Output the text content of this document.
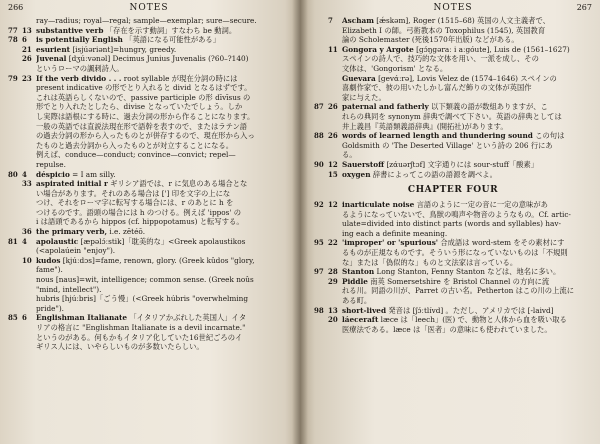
266	NOTES
ray—radius; royal—regal; sample—exemplar; sure—secure.
77 13 substantive verb 「存在を示す動詞」すなわち be 動詞。
78 6	is potentially English 「英語になる可能性がある」
21 esurient [isjúəriənt]=hungry, greedy.
26 Juvenal [dʒúːvənəl] Decimus Junius Juvenalis (?60–?140)
というローマの諷刺詩人。
79 23 If the verb divido . . . root syllable が現在分詞の時には
present indicative の形でとり入れると divid となるはずです。
これは英語らしくないので、passive participle の形 dīvīsus の
形でとり入れたとしたら、divise となっていたでしょう。しか
し実際は語根にする時に、過去分詞の形から作ることになります。
一般の英語では直説法現在形で語幹を表すので、またはラテン語
の過去分詞の形から入ったものとが併存するので、現在形から入っ
たものと過去分詞から入ったものとが対立することになる。
例えば、conduce—conduct; convince—convict; repel—
repulse.
80 4	déspicio = I am silly.
33 aspirated initial r ギリシア語では、r に気息のある場合とな
い場合があります。それのある場合は ['] 印を文字の上にな
つけ、それをローマ字に転写する場合には、r のあとに h を
つけるのです。語頭の場合には h のつける。例えば 'ippos' の
i は語頭であるから hippos (cf. hippopotamus) と転写する。
36 the primary verb, i.e. zētéō.
81 4	apolaustic [æpəlɔ́ːstik]「耽美的な」<Greek apolaustikos
(<apolaúein "enjoy").
10 kudos [kjúːdɔs]=fame, renown, glory. (Greek kûdos "glory,
fame").
nous [naus]=wit, intelligence; common sense. (Greek noûs
"mind, intellect").
hubris [hjúːbris]「ごう慢」(<Greek húbris "overwhelming
pride").
85 6	Englishman Italianate 「イタリアかぶれした英国人」イタ
リアの格言に "Englishman Italianate is a devil incarnate."
というのがある。何もかもイタリア化していた16世紀ごろのイ
ギリス人には、いやらしいものが多数いたらしい。
NOTES	267
7	Ascham [ǽskəm], Roger (1515–68) 英国の人文主義者で、
Elizabeth I の師。弓術教本の Toxophilus (1545), 英国教育
論の Scholemaster (死後1570年出版) などがある。
11 Gongora y Argote [gɔ́ŋgəraː i aːgóute], Luis de (1561–1627)
スペインの詩人で、技巧的な文体を用い、一派を成し、その
文体は、'Gongorism' となる。
Guevara [gevάːrə], Lovis Velez de (1574–1646) スペインの
喜劇作家で、彼の用いたしかし富んだ飾りの文体が英国作
家に与えた。
87 26 paternal and fatherly 以下類義の語が数組ありますが、こ
れらの典同を synonym 辞典で調べて下さい。英語の辞典としては
井上義昌『英語類義語辞典』(開拓社)があります。
88 26 words of learned length and thundering sound この句は
Goldsmith の 'The Deserted Village' という詩の 206 行にあ
る。
90 12 Sauerstoff [zάuərʃtɔf] 文字通りには sour-stuff「酸素」
15 oxygen 辞書によってこの語の語源を調べよ。
CHAPTER FOUR
92 12 inarticulate noise 言語のように一定の音に一定の意味があ
るようになっていないで、鳥獣の鳴声や物音のようなもの。Cf. artic-
ulate=divided into distinct parts (words and syllables) hav-
ing each a definite meaning.
95 22 'improper' or 'spurious' 合成語は word-stem をその素材にす
るものが正規なものです。そういう形になっていないものは「不規則
な」または「偽似的な」ものと文法家は言っている。
97 28 Stanton Long Stanton, Fenny Stanton などは、地名に多い。
29 Piddle 南英 Somersetshire を Bristol Channel の方向に流
れる川。同語の川が、Parret の古い名。Petherton はこの川の上流に
ある町。
98 13 short-lived 発音は [ʃɔ́ːtlívd] 。ただし、アメリカでは [-laivd]
20 láeceraft læce は「leech」(医) で、動物と人体から血を吸い取る
医療法である。læce は「医者」の意味にも使われていました。
